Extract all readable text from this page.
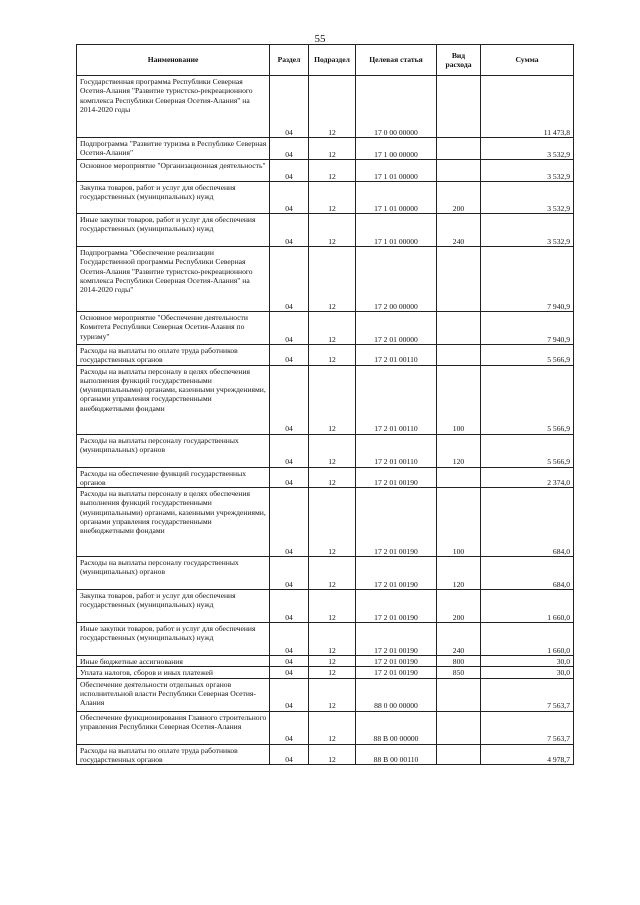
55
Наименование	Раздел	Подраздел	Целевая статья	Вид расхода	Сумма
Государственная программа Республики Северная Осетия-Алания "Развитие туристско-рекреационного комплекса Республики Северная Осетия-Алания" на 2014-2020 годы	04	12	17 0 00 00000		11 473,8
Подпрограмма "Развитие туризма в Республике Северная Осетия-Алания"	04	12	17 1 00 00000		3 532,9
Основное мероприятие "Организационная деятельность"	04	12	17 1 01 00000		3 532,9
Закупка товаров, работ и услуг для обеспечения государственных (муниципальных) нужд	04	12	17 1 01 00000	200	3 532,9
Иные закупки товаров, работ и услуг для обеспечения государственных (муниципальных) нужд	04	12	17 1 01 00000	240	3 532,9
Подпрограмма "Обеспечение реализации Государственной программы Республики Северная Осетия-Алания "Развитие туристско-рекреационного комплекса Республики Северная Осетия-Алания" на 2014-2020 годы"	04	12	17 2 00 00000		7 940,9
Основное мероприятие "Обеспечение деятельности Комитета Республики Северная Осетия-Алания по туризму"	04	12	17 2 01 00000		7 940,9
Расходы на выплаты по оплате труда работников государственных органов	04	12	17 2 01 00110		5 566,9
Расходы на выплаты персоналу в целях обеспечения выполнения функций государственными (муниципальными) органами, казенными учреждениями, органами управления государственными внебюджетными фондами	04	12	17 2 01 00110	100	5 566,9
Расходы на выплаты персоналу государственных (муниципальных) органов	04	12	17 2 01 00110	120	5 566,9
Расходы на обеспечение функций государственных органов	04	12	17 2 01 00190		2 374,0
Расходы на выплаты персоналу в целях обеспечения выполнения функций государственными (муниципальными) органами, казенными учреждениями, органами управления государственными внебюджетными фондами	04	12	17 2 01 00190	100	684,0
Расходы на выплаты персоналу государственных (муниципальных) органов	04	12	17 2 01 00190	120	684,0
Закупка товаров, работ и услуг для обеспечения государственных (муниципальных) нужд	04	12	17 2 01 00190	200	1 660,0
Иные закупки товаров, работ и услуг для обеспечения государственных (муниципальных) нужд	04	12	17 2 01 00190	240	1 660,0
Иные бюджетные ассигнования	04	12	17 2 01 00190	800	30,0
Уплата налогов, сборов и иных платежей	04	12	17 2 01 00190	850	30,0
Обеспечение деятельности отдельных органов исполнительной власти Республики Северная Осетия-Алания	04	12	88 0 00 00000		7 563,7
Обеспечение функционирования Главного строительного управления Республики Северная Осетия-Алания	04	12	88 В 00 00000		7 563,7
Расходы на выплаты по оплате труда работников государственных органов	04	12	88 В 00 00110		4 978,7
